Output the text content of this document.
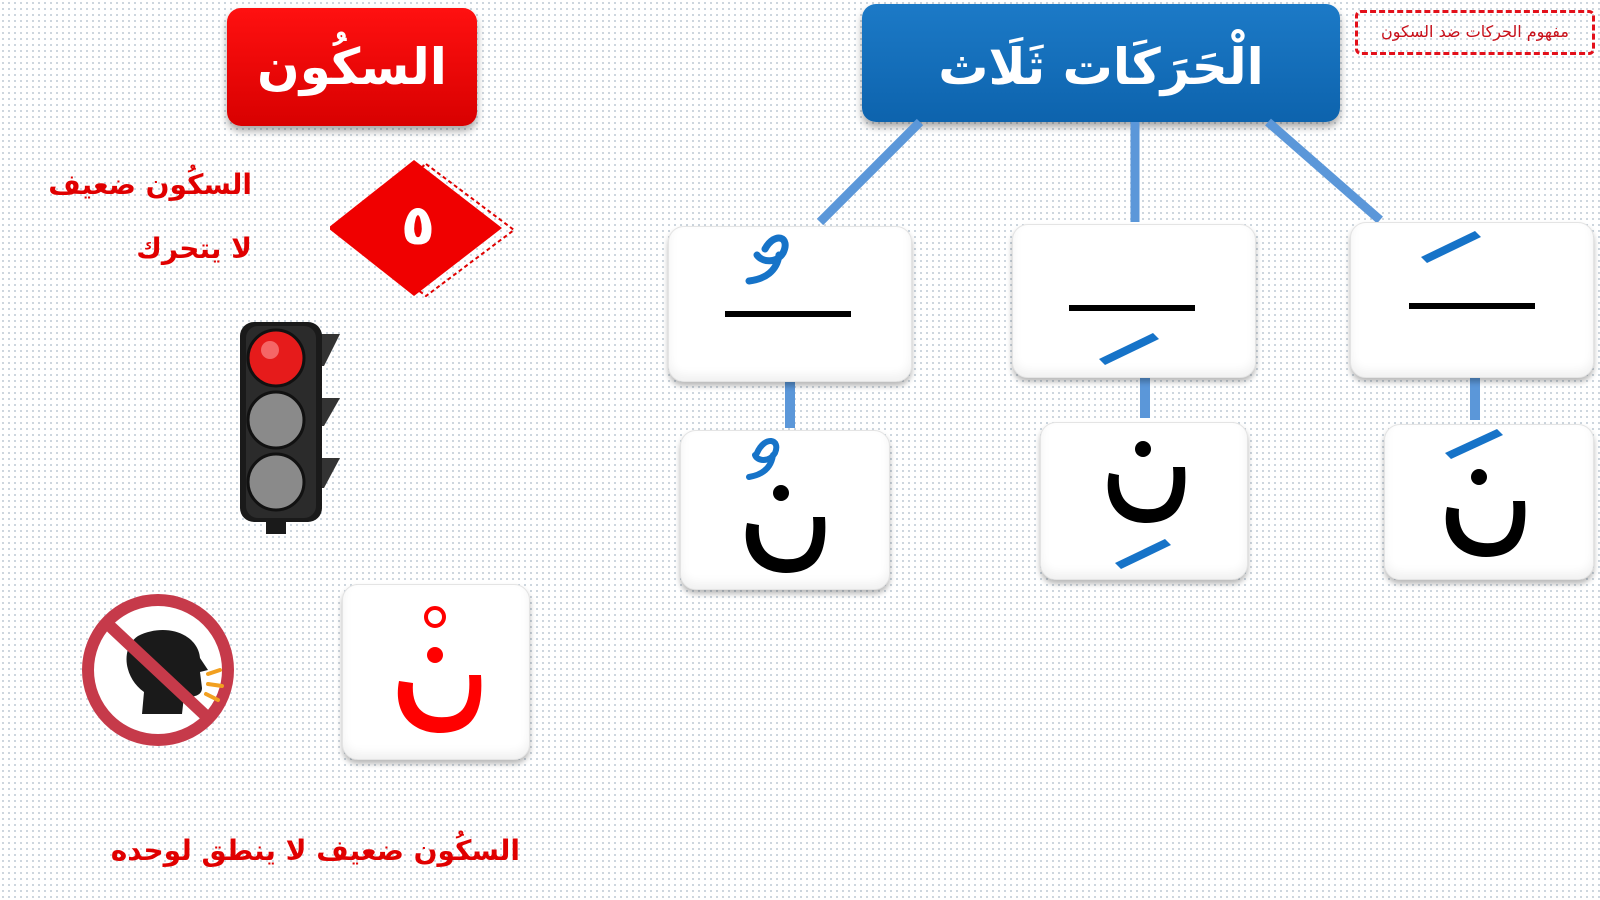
مفهوم الحركات ضد السكون
الْحَرَكَات ثَلَاث
السكُون
٥
السكُون ضعيف
لا يتحرك
السكُون ضعيف لا ينطق لوحده
